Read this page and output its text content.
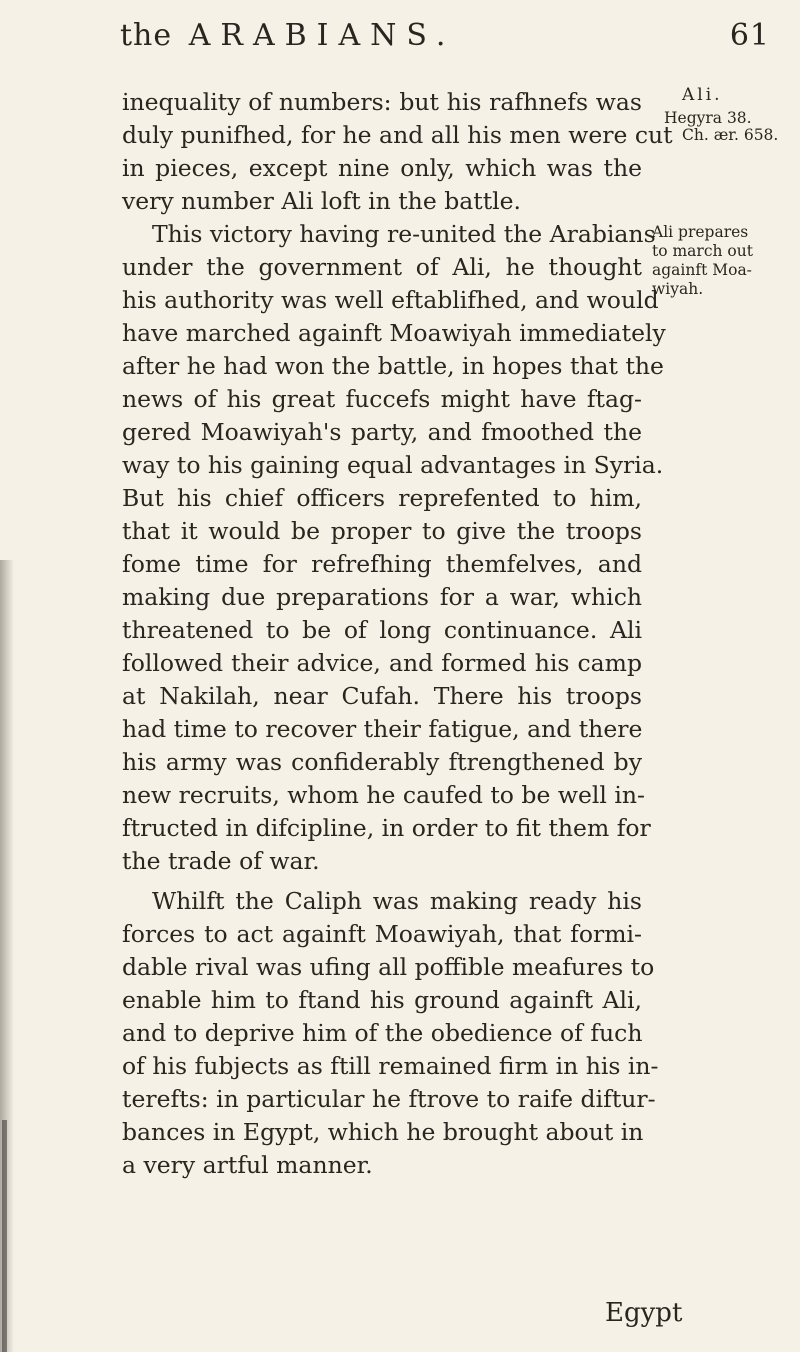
the ARABIANS.	61
inequality of numbers: but his rafhnefs was
duly punifhed, for he and all his men were cut
in pieces, except nine only, which was the
very number Ali loft in the battle.
This victory having re-united the Arabians
under the government of Ali, he thought
his authority was well eftablifhed, and would
have marched againft Moawiyah immediately
after he had won the battle, in hopes that the
news of his great fuccefs might have ftag-
gered Moawiyah's party, and fmoothed the
way to his gaining equal advantages in Syria.
But his chief officers reprefented to him,
that it would be proper to give the troops
fome time for refrefhing themfelves, and
making due preparations for a war, which
threatened to be of long continuance. Ali
followed their advice, and formed his camp
at Nakilah, near Cufah. There his troops
had time to recover their fatigue, and there
his army was confiderably ftrengthened by
new recruits, whom he caufed to be well in-
ftructed in difcipline, in order to fit them for
the trade of war.
Whilft the Caliph was making ready his
forces to act againft Moawiyah, that formi-
dable rival was ufing all poffible meafures to
enable him to ftand his ground againft Ali,
and to deprive him of the obedience of fuch
of his fubjects as ftill remained firm in his in-
terefts: in particular he ftrove to raife diftur-
bances in Egypt, which he brought about in
a very artful manner.
Ali.
Hegyra 38.
Ch. ær. 658.
Ali prepares
to march out
againft Moa-
wiyah.
Egypt
